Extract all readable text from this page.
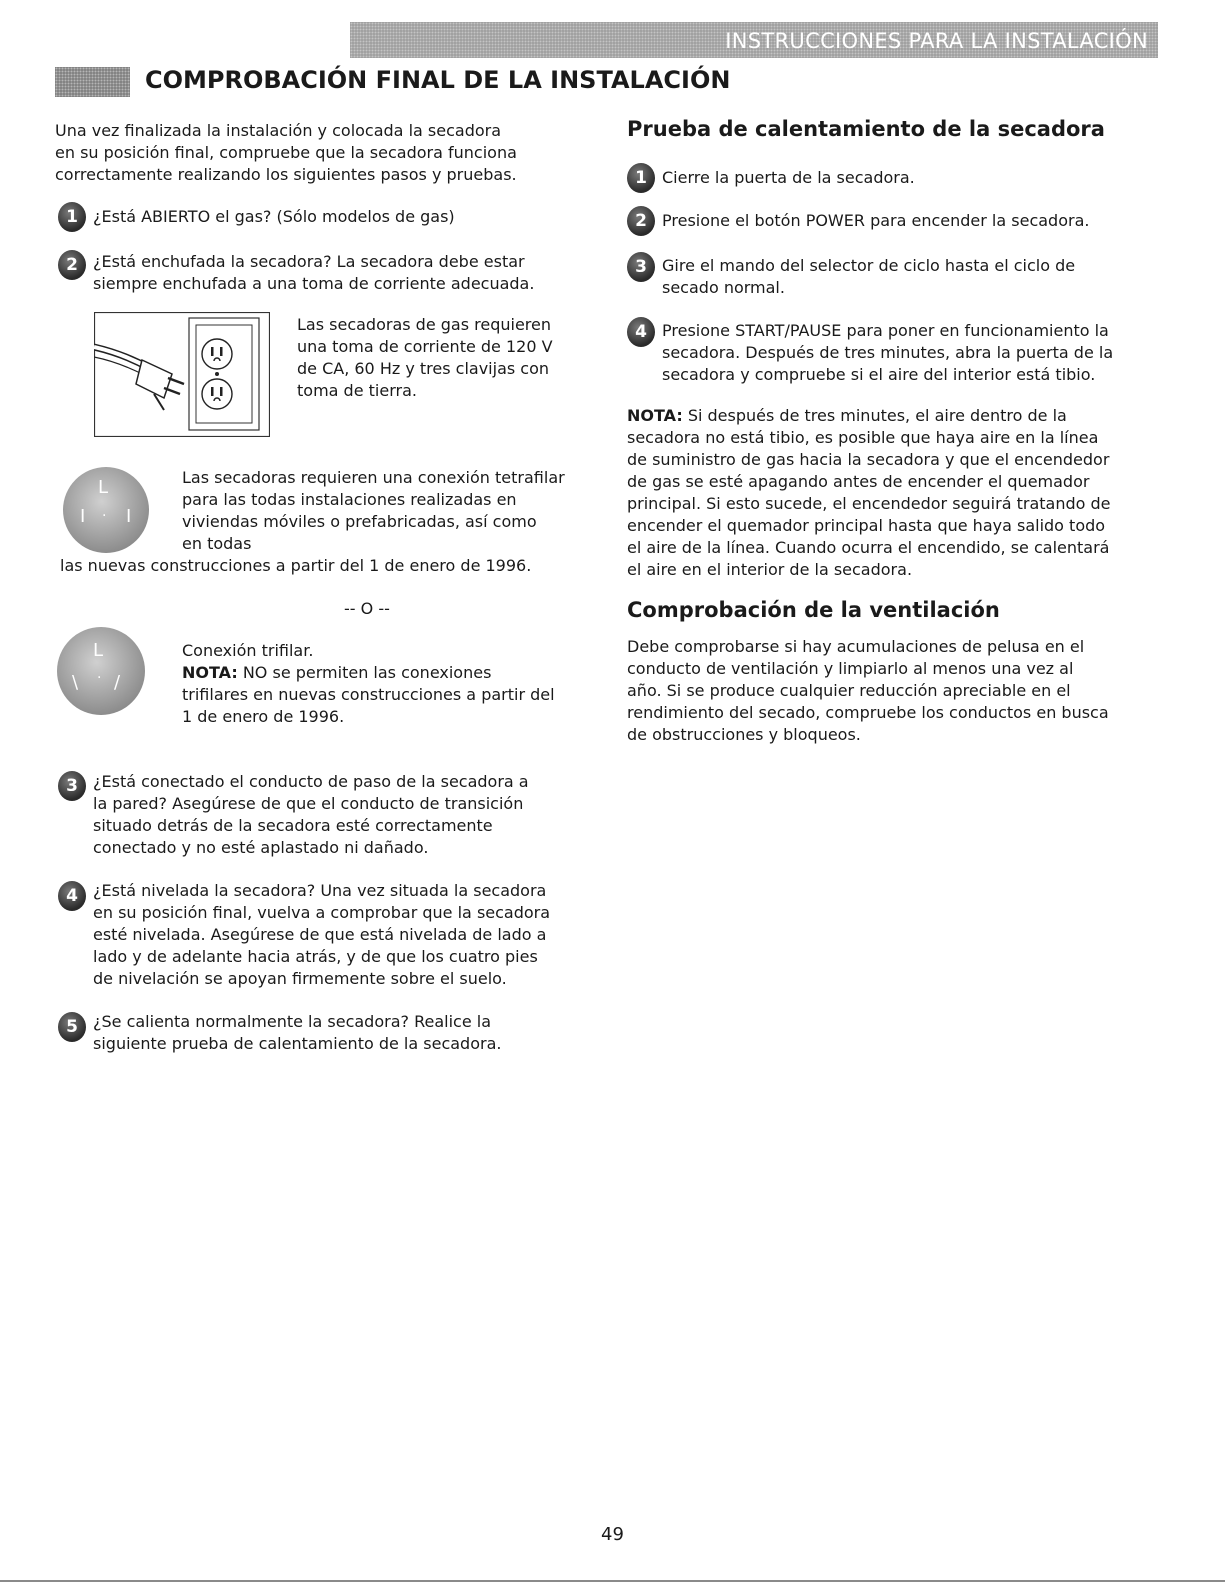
INSTRUCCIONES PARA LA INSTALACIÓN
COMPROBACIÓN FINAL DE LA INSTALACIÓN
Una vez finalizada la instalación y colocada la secadora
en su posición final, compruebe que la secadora funciona
correctamente realizando los siguientes pasos y pruebas.
1 ¿Está ABIERTO el gas? (Sólo modelos de gas)
2 ¿Está enchufada la secadora? La secadora debe estar
siempre enchufada a una toma de corriente adecuada.
Las secadoras de gas requieren
una toma de corriente de 120 V
de CA, 60 Hz y tres clavijas con
toma de tierra.
L
I I
·
Las secadoras requieren una conexión tetrafilar
para las todas instalaciones realizadas en
viviendas móviles o prefabricadas, así como
en todas
las nuevas construcciones a partir del 1 de enero de 1996.
-- O --
L
\ /
·
Conexión trifilar.
NOTA: NO se permiten las conexiones
trifilares en nuevas construcciones a partir del
1 de enero de 1996.
3 ¿Está conectado el conducto de paso de la secadora a
la pared? Asegúrese de que el conducto de transición
situado detrás de la secadora esté correctamente
conectado y no esté aplastado ni dañado.
4 ¿Está nivelada la secadora? Una vez situada la secadora
en su posición final, vuelva a comprobar que la secadora
esté nivelada. Asegúrese de que está nivelada de lado a
lado y de adelante hacia atrás, y de que los cuatro pies
de nivelación se apoyan firmemente sobre el suelo.
5 ¿Se calienta normalmente la secadora? Realice la
siguiente prueba de calentamiento de la secadora.
Prueba de calentamiento de la secadora
1 Cierre la puerta de la secadora.
2 Presione el botón POWER para encender la secadora.
3 Gire el mando del selector de ciclo hasta el ciclo de
secado normal.
4 Presione START/PAUSE para poner en funcionamiento la
secadora. Después de tres minutes, abra la puerta de la
secadora y compruebe si el aire del interior está tibio.
NOTA: Si después de tres minutes, el aire dentro de la
secadora no está tibio, es posible que haya aire en la línea
de suministro de gas hacia la secadora y que el encendedor
de gas se esté apagando antes de encender el quemador
principal. Si esto sucede, el encendedor seguirá tratando de
encender el quemador principal hasta que haya salido todo
el aire de la línea. Cuando ocurra el encendido, se calentará
el aire en el interior de la secadora.
Comprobación de la ventilación
Debe comprobarse si hay acumulaciones de pelusa en el
conducto de ventilación y limpiarlo al menos una vez al
año. Si se produce cualquier reducción apreciable en el
rendimiento del secado, compruebe los conductos en busca
de obstrucciones y bloqueos.
49
